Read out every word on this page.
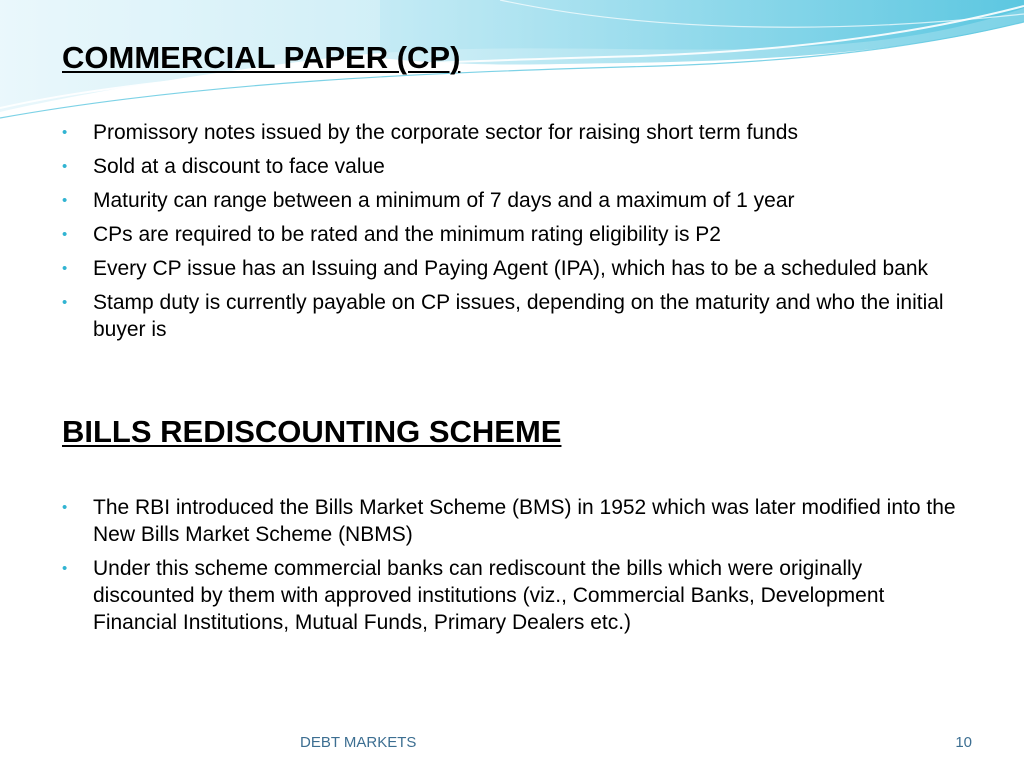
COMMERCIAL PAPER (CP)
• Promissory notes issued by the corporate sector for raising short term funds
• Sold at a discount to face value
• Maturity can range between a minimum of 7 days and a maximum of 1 year
• CPs are required to be rated and the minimum rating eligibility is P2
• Every CP issue has an Issuing and Paying Agent (IPA), which has to be a scheduled bank
• Stamp duty is currently payable on CP issues, depending on the maturity and who the initial buyer is
BILLS REDISCOUNTING SCHEME
• The RBI introduced the Bills Market Scheme (BMS) in 1952 which was later modified into the New Bills Market Scheme (NBMS)
• Under this scheme commercial banks can rediscount the bills which were originally discounted by them with approved institutions (viz., Commercial Banks, Development Financial Institutions, Mutual Funds, Primary Dealers etc.)
DEBT MARKETS	10
